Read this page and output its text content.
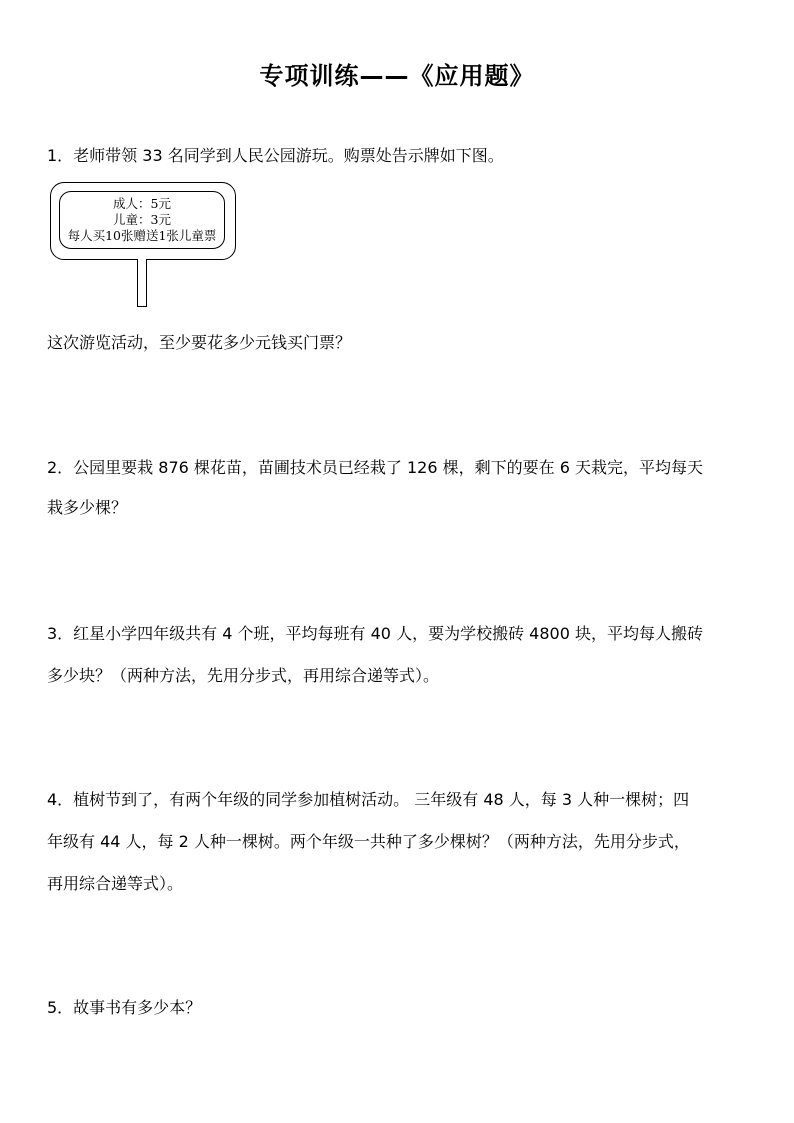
专项训练——《应用题》
1．老师带领 33 名同学到人民公园游玩。购票处告示牌如下图。
成人：5元
儿童：3元
每人买10张赠送1张儿童票
这次游览活动，至少要花多少元钱买门票？
2．公园里要栽 876 棵花苗，苗圃技术员已经栽了 126 棵，剩下的要在 6 天栽完，平均每天
栽多少棵？
3．红星小学四年级共有 4 个班，平均每班有 40 人，要为学校搬砖 4800 块，平均每人搬砖
多少块？（两种方法，先用分步式，再用综合递等式）。
4．植树节到了，有两个年级的同学参加植树活动。 三年级有 48 人，每 3 人种一棵树；四
年级有 44 人，每 2 人种一棵树。两个年级一共种了多少棵树？（两种方法，先用分步式，
再用综合递等式）。
5．故事书有多少本？
